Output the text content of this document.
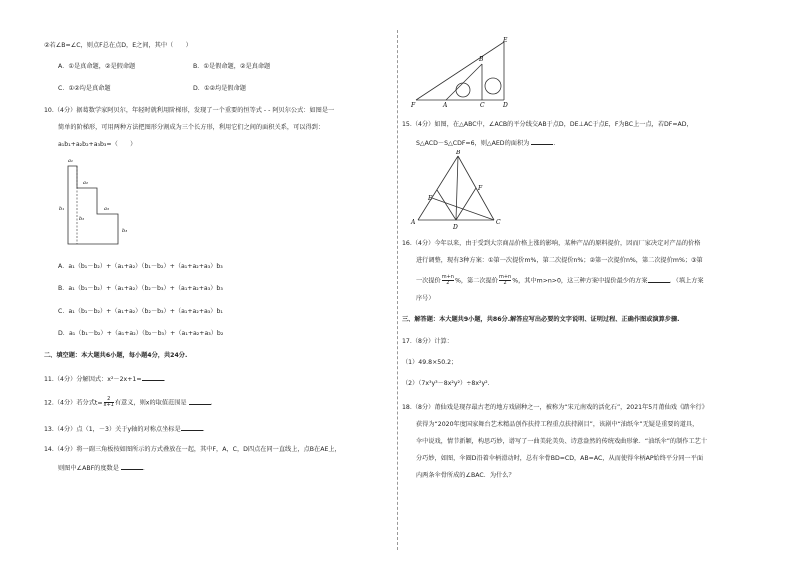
②若∠B=∠C，则点F总在点D，E之间，其中（　　）
A．①是真命题，②是假命题	B．①是假命题，②是真命题
C．①②均是真命题	D．①②均是假命题
10.（4分）据葛数学家阿贝尔，年轻时就利用阶梯形，发现了一个重要的恒等式 - - 阿贝尔公式：如图是一
简单的阶梯形，可用两种方法把图形分割成为三个长方形，利用它们之间的面积关系，可以得到：
a₁b₁+a₂b₂+a₃b₃=（　　）
a₁
a₂
a₃
b₁
b₂
b₃
A．a₁（b₁－b₂）+（a₁+a₂）（b₁－b₂）+（a₁+a₂+a₃）b₃
B．a₁（b₁－b₂）+（a₁+a₂）（b₂－b₃）+（a₁+a₂+a₃）b₃
C．a₁（b₁－b₂）+（a₁+a₂）（b₂－b₃）+（a₁+a₂+a₃）b₁
D．a₁（b₁－b₂）+（a₁+a₂）（b₂－b₃）+（a₁+a₂+a₃）b₂
二、填空题：本大题共6小题，每小题4分，共24分.
11.（4分）分解因式：x²－2x+1=	.
12.（4分）若分式$t= \frac{2}{x+1}$ 有意义，则x的取值范围是	.
13.（4分）点（1，－3）关于y轴的对称点坐标是	.
14.（4分）将一副三角板按如图所示的方式叠放在一起，其中F，A，C，D四点在同一直线上，点B在AE上，
则图中∠ABF的度数是	.
E
B
F	A	C	D
15.（4分）如图，在△ABC中，∠ACB的平分线交AB于点D，DE⊥AC于点E，F为BC上一点，若DF=AD，
S△ACD－S△CDF=6，则△AED的面积为	.
B
A	C
D
E
F
16.（4分）今年以来，由于受到大宗商品价格上涨的影响，某种产品的原料提价，因而厂家决定对产品的价格
进行调整，现有3种方案：①第一次提价m%，第二次提价n%；②第一次提价n%，第二次提价m%；③第
一次提价 $\frac{m+n}{2}$ %，第二次提价 $\frac{m+n}{2}$ %，其中m>n>0，这三种方案中提价最少的方案	．（填上方案
序号）
三、解答题：本大题共9小题，共86分.解答应写出必要的文字说明、证明过程、正确作图或演算步骤.
17.（8分）计算：
（1）49.8×50.2；
（2）（7x³y³－8x²y²）÷8x²y².
18.（8分）莆仙戏是现存最古老的地方戏剧种之一，被称为“宋元南戏的活化石”，2021年5月莆仙戏《踏伞行》
获得为“2020年度国家舞台艺术精品创作扶持工程重点扶持剧目”，该剧中“油纸伞”无疑是重要的道具，
伞中说戏，情节新颖，构思巧妙，谱写了一曲美轮美奂、诗意盎然的传统戏曲形象．“油纸伞”的制作工艺十
分巧妙，如图，伞圈D沿着伞柄滑动时，总有伞骨BD=CD，AB=AC，从而使得伞柄AP始终平分同一平面
内两条伞骨所成的∠BAC．为什么？
